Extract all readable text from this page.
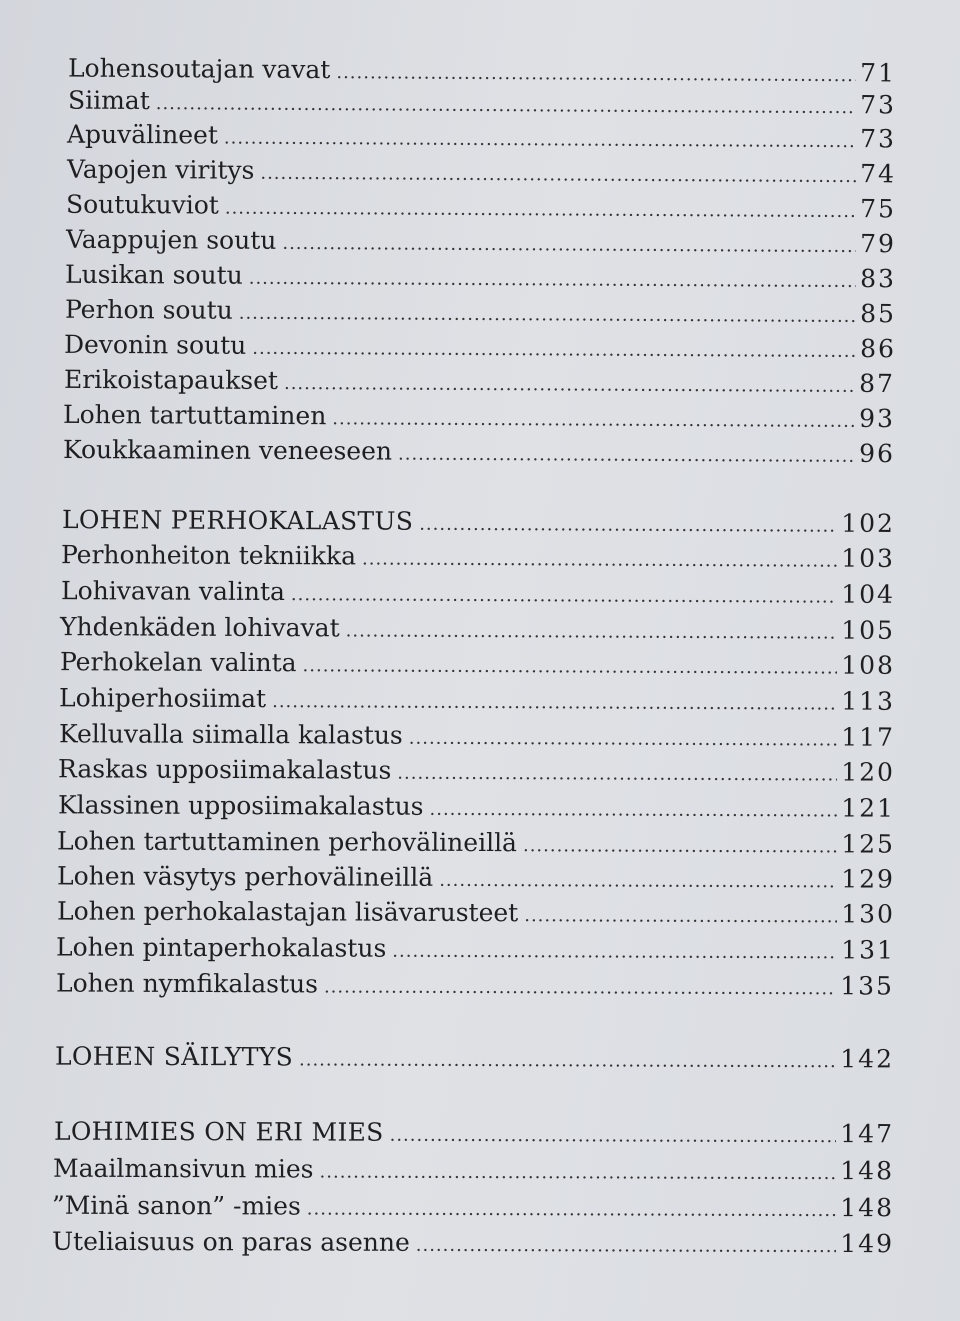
Lohensoutajan vavat .....	71
Siimat .....	73
Apuvälineet .....	73
Vapojen viritys .....	74
Soutukuviot .....	75
Vaappujen soutu .....	79
Lusikan soutu .....	83
Perhon soutu .....	85
Devonin soutu .....	86
Erikoistapaukset .....	87
Lohen tartuttaminen .....	93
Koukkaaminen veneeseen .....	96
LOHEN PERHOKALASTUS .....	102
Perhonheiton tekniikka .....	103
Lohivavan valinta .....	104
Yhdenkäden lohivavat .....	105
Perhokelan valinta .....	108
Lohiperhosiimat .....	113
Kelluvalla siimalla kalastus .....	117
Raskas upposiimakalastus .....	120
Klassinen upposiimakalastus .....	121
Lohen tartuttaminen perhovälineillä .....	125
Lohen väsytys perhovälineillä .....	129
Lohen perhokalastajan lisävarusteet .....	130
Lohen pintaperhokalastus .....	131
Lohen nymfikalastus .....	135
LOHEN SÄILYTYS .....	142
LOHIMIES ON ERI MIES .....	147
Maailmansivun mies .....	148
”Minä sanon” -mies .....	148
Uteliaisuus on paras asenne .....	149
